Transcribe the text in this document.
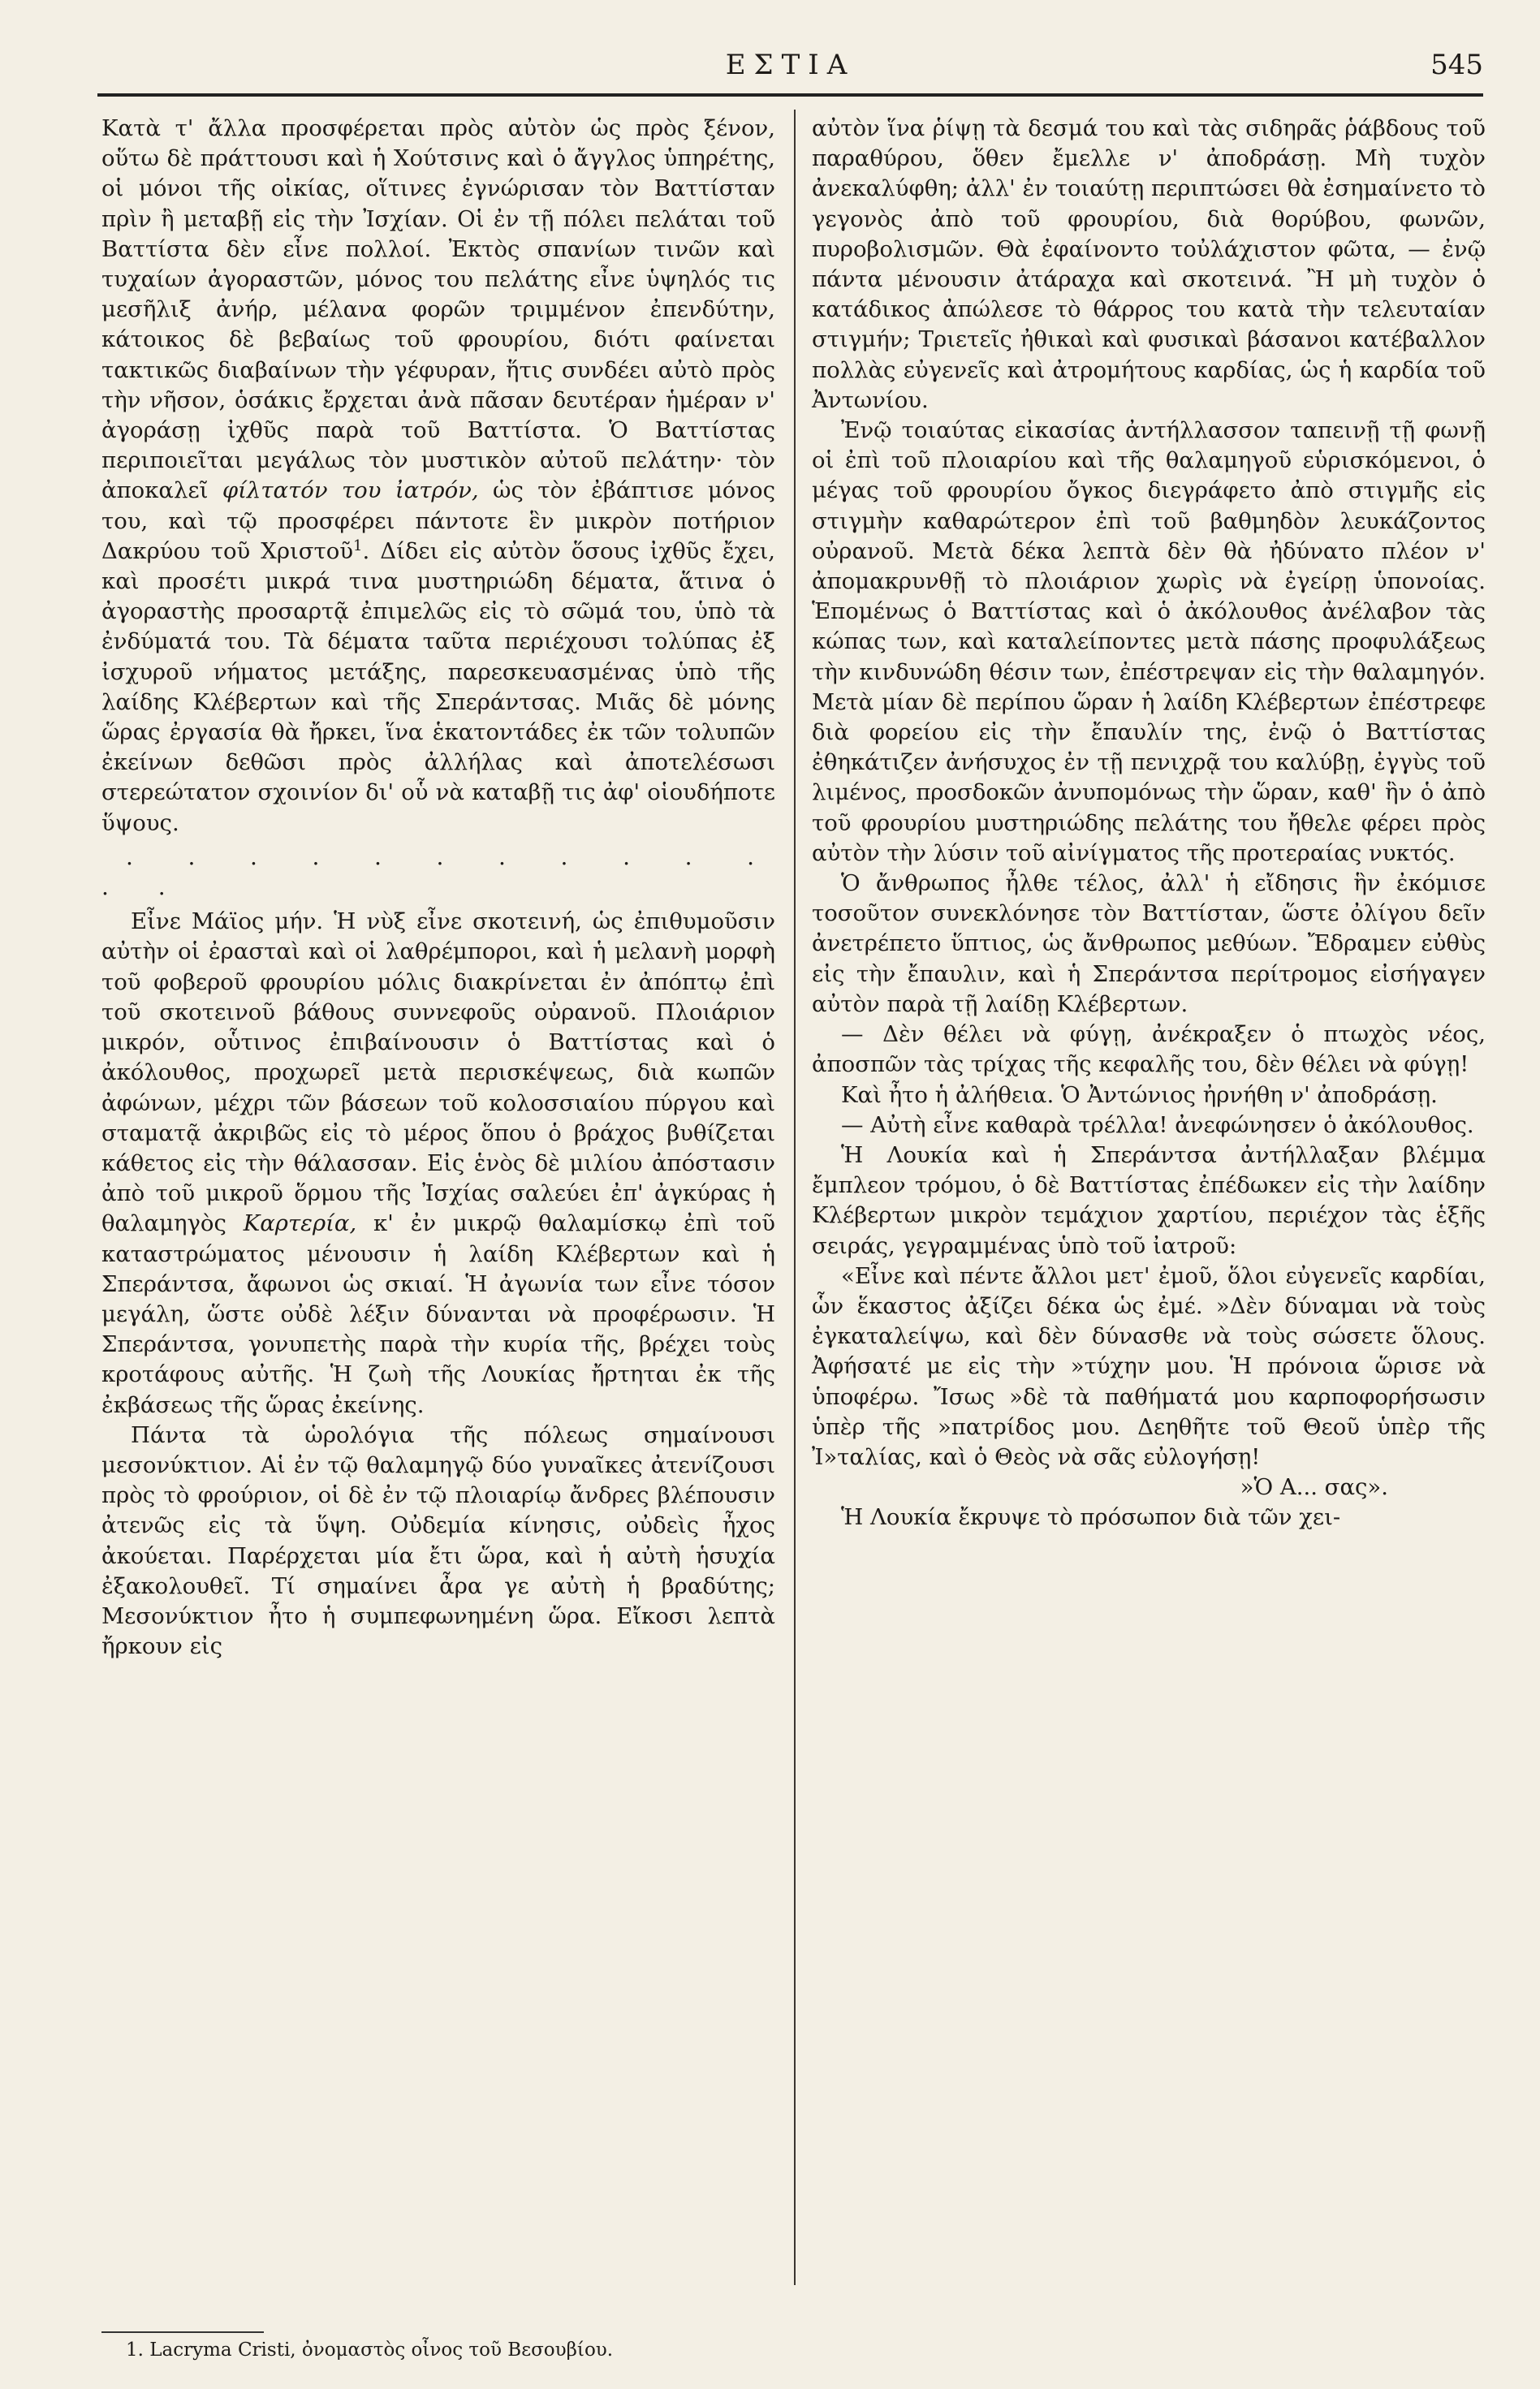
ΕΣΤΙΑ	545

Κατὰ τ' ἄλλα προσφέρεται πρὸς αὐτὸν ὡς πρὸς ξένον, οὕτω δὲ πράττουσι καὶ ἡ Χούτσινς καὶ ὁ ἄγγλος ὑπηρέτης, οἱ μόνοι τῆς οἰκίας, οἵτινες ἐγνώρισαν τὸν Βαττίσταν πρὶν ἢ μεταβῇ εἰς τὴν Ἰσχίαν. Οἱ ἐν τῇ πόλει πελάται τοῦ Βαττίστα δὲν εἶνε πολλοί. Ἐκτὸς σπανίων τινῶν καὶ τυχαίων ἀγοραστῶν, μόνος του πελάτης εἶνε ὑψηλός τις μεσῆλιξ ἀνήρ, μέλανα φορῶν τριμμένον ἐπενδύτην, κάτοικος δὲ βεβαίως τοῦ φρουρίου, διότι φαίνεται τακτικῶς διαβαίνων τὴν γέφυραν, ἥτις συνδέει αὐτὸ πρὸς τὴν νῆσον, ὁσάκις ἔρχεται ἀνὰ πᾶσαν δευτέραν ἡμέραν ν' ἀγοράσῃ ἰχθῦς παρὰ τοῦ Βαττίστα. Ὁ Βαττίστας περιποιεῖται μεγάλως τὸν μυστικὸν αὐτοῦ πελάτην· τὸν ἀποκαλεῖ φίλτατόν του ἰατρόν, ὡς τὸν ἐβάπτισε μόνος του, καὶ τῷ προσφέρει πάντοτε ἓν μικρὸν ποτήριον Δακρύου τοῦ Χριστοῦ$^1$. Δίδει εἰς αὐτὸν ὅσους ἰχθῦς ἔχει, καὶ προσέτι μικρά τινα μυστηριώδη δέματα, ἅτινα ὁ ἀγοραστὴς προσαρτᾷ ἐπιμελῶς εἰς τὸ σῶμά του, ὑπὸ τὰ ἐνδύματά του. Τὰ δέματα ταῦτα περιέχουσι τολύπας ἐξ ἰσχυροῦ νήματος μετάξης, παρεσκευασμένας ὑπὸ τῆς λαίδης Κλέβερτων καὶ τῆς Σπεράντσας. Μιᾶς δὲ μόνης ὥρας ἐργασία θὰ ἤρκει, ἵνα ἑκατοντάδες ἐκ τῶν τολυπῶν ἐκείνων δεθῶσι πρὸς ἀλλήλας καὶ ἀποτελέσωσι στερεώτατον σχοινίον δι' οὗ νὰ καταβῇ τις ἀφ' οἱουδήποτε ὕψους.

. . . . . . . . . . . . .

Εἶνε Μάϊος μήν. Ἡ νὺξ εἶνε σκοτεινή, ὡς ἐπιθυμοῦσιν αὐτὴν οἱ ἐρασταὶ καὶ οἱ λαθρέμποροι, καὶ ἡ μελανὴ μορφὴ τοῦ φοβεροῦ φρουρίου μόλις διακρίνεται ἐν ἀπόπτῳ ἐπὶ τοῦ σκοτεινοῦ βάθους συννεφοῦς οὐρανοῦ. Πλοιάριον μικρόν, οὗτινος ἐπιβαίνουσιν ὁ Βαττίστας καὶ ὁ ἀκόλουθος, προχωρεῖ μετὰ περισκέψεως, διὰ κωπῶν ἀφώνων, μέχρι τῶν βάσεων τοῦ κολοσσιαίου πύργου καὶ σταματᾷ ἀκριβῶς εἰς τὸ μέρος ὅπου ὁ βράχος βυθίζεται κάθετος εἰς τὴν θάλασσαν. Εἰς ἑνὸς δὲ μιλίου ἀπόστασιν ἀπὸ τοῦ μικροῦ ὅρμου τῆς Ἰσχίας σαλεύει ἐπ' ἀγκύρας ἡ θαλαμηγὸς Καρτερία, κ' ἐν μικρῷ θαλαμίσκῳ ἐπὶ τοῦ καταστρώματος μένουσιν ἡ λαίδη Κλέβερτων καὶ ἡ Σπεράντσα, ἄφωνοι ὡς σκιαί. Ἡ ἀγωνία των εἶνε τόσον μεγάλη, ὥστε οὐδὲ λέξιν δύνανται νὰ προφέρωσιν. Ἡ Σπεράντσα, γονυπετὴς παρὰ τὴν κυρία τῆς, βρέχει τοὺς κροτάφους αὐτῆς. Ἡ ζωὴ τῆς Λουκίας ἤρτηται ἐκ τῆς ἐκβάσεως τῆς ὥρας ἐκείνης.

Πάντα τὰ ὡρολόγια τῆς πόλεως σημαίνουσι μεσονύκτιον. Αἱ ἐν τῷ θαλαμηγῷ δύο γυναῖκες ἀτενίζουσι πρὸς τὸ φρούριον, οἱ δὲ ἐν τῷ πλοιαρίῳ ἄνδρες βλέπουσιν ἀτενῶς εἰς τὰ ὕψη. Οὐδεμία κίνησις, οὐδεὶς ἦχος ἀκούεται. Παρέρχεται μία ἔτι ὥρα, καὶ ἡ αὐτὴ ἡσυχία ἐξακολουθεῖ. Τί σημαίνει ἆρα γε αὐτὴ ἡ βραδύτης; Μεσονύκτιον ἦτο ἡ συμπεφωνημένη ὥρα. Εἴκοσι λεπτὰ ἤρκουν εἰς

αὐτὸν ἵνα ῥίψῃ τὰ δεσμά του καὶ τὰς σιδηρᾶς ῥάβδους τοῦ παραθύρου, ὅθεν ἔμελλε ν' ἀποδράσῃ. Μὴ τυχὸν ἀνεκαλύφθη; ἀλλ' ἐν τοιαύτῃ περιπτώσει θὰ ἐσημαίνετο τὸ γεγονὸς ἀπὸ τοῦ φρουρίου, διὰ θορύβου, φωνῶν, πυροβολισμῶν. Θὰ ἐφαίνοντο τοὐλάχιστον φῶτα, — ἐνῷ πάντα μένουσιν ἀτάραχα καὶ σκοτεινά. Ἢ μὴ τυχὸν ὁ κατάδικος ἀπώλεσε τὸ θάρρος του κατὰ τὴν τελευταίαν στιγμήν; Τριετεῖς ἠθικαὶ καὶ φυσικαὶ βάσανοι κατέβαλλον πολλὰς εὐγενεῖς καὶ ἀτρομήτους καρδίας, ὡς ἡ καρδία τοῦ Ἀντωνίου.

Ἐνῷ τοιαύτας εἰκασίας ἀντήλλασσον ταπεινῇ τῇ φωνῇ οἱ ἐπὶ τοῦ πλοιαρίου καὶ τῆς θαλαμηγοῦ εὑρισκόμενοι, ὁ μέγας τοῦ φρουρίου ὄγκος διεγράφετο ἀπὸ στιγμῆς εἰς στιγμὴν καθαρώτερον ἐπὶ τοῦ βαθμηδὸν λευκάζοντος οὐρανοῦ. Μετὰ δέκα λεπτὰ δὲν θὰ ἠδύνατο πλέον ν' ἀπομακρυνθῇ τὸ πλοιάριον χωρὶς νὰ ἐγείρῃ ὑπονοίας. Ἑπομένως ὁ Βαττίστας καὶ ὁ ἀκόλουθος ἀνέλαβον τὰς κώπας των, καὶ καταλείποντες μετὰ πάσης προφυλάξεως τὴν κινδυνώδη θέσιν των, ἐπέστρεψαν εἰς τὴν θαλαμηγόν. Μετὰ μίαν δὲ περίπου ὥραν ἡ λαίδη Κλέβερτων ἐπέστρεφε διὰ φορείου εἰς τὴν ἔπαυλίν της, ἐνῷ ὁ Βαττίστας ἐθηκάτιζεν ἀνήσυχος ἐν τῇ πενιχρᾷ του καλύβῃ, ἐγγὺς τοῦ λιμένος, προσδοκῶν ἀνυπομόνως τὴν ὥραν, καθ' ἣν ὁ ἀπὸ τοῦ φρουρίου μυστηριώδης πελάτης του ἤθελε φέρει πρὸς αὐτὸν τὴν λύσιν τοῦ αἰνίγματος τῆς προτεραίας νυκτός.

Ὁ ἄνθρωπος ἦλθε τέλος, ἀλλ' ἡ εἴδησις ἣν ἐκόμισε τοσοῦτον συνεκλόνησε τὸν Βαττίσταν, ὥστε ὀλίγου δεῖν ἀνετρέπετο ὕπτιος, ὡς ἄνθρωπος μεθύων. Ἔδραμεν εὐθὺς εἰς τὴν ἔπαυλιν, καὶ ἡ Σπεράντσα περίτρομος εἰσήγαγεν αὐτὸν παρὰ τῇ λαίδῃ Κλέβερτων.

— Δὲν θέλει νὰ φύγῃ, ἀνέκραξεν ὁ πτωχὸς νέος, ἀποσπῶν τὰς τρίχας τῆς κεφαλῆς του, δὲν θέλει νὰ φύγῃ!

Καὶ ἦτο ἡ ἀλήθεια. Ὁ Ἀντώνιος ἠρνήθη ν' ἀποδράσῃ.

— Αὐτὴ εἶνε καθαρὰ τρέλλα! ἀνεφώνησεν ὁ ἀκόλουθος.

Ἡ Λουκία καὶ ἡ Σπεράντσα ἀντήλλαξαν βλέμμα ἔμπλεον τρόμου, ὁ δὲ Βαττίστας ἐπέδωκεν εἰς τὴν λαίδην Κλέβερτων μικρὸν τεμάχιον χαρτίου, περιέχον τὰς ἑξῆς σειράς, γεγραμμένας ὑπὸ τοῦ ἰατροῦ:

«Εἶνε καὶ πέντε ἄλλοι μετ' ἐμοῦ, ὅλοι εὐγενεῖς καρδίαι, ὧν ἕκαστος ἀξίζει δέκα ὡς ἐμέ. »Δὲν δύναμαι νὰ τοὺς ἐγκαταλείψω, καὶ δὲν δύνασθε νὰ τοὺς σώσετε ὅλους. Ἀφήσατέ με εἰς τὴν »τύχην μου. Ἡ πρόνοια ὥρισε νὰ ὑποφέρω. Ἴσως »δὲ τὰ παθήματά μου καρποφορήσωσιν ὑπὲρ τῆς »πατρίδος μου. Δεηθῆτε τοῦ Θεοῦ ὑπὲρ τῆς Ἰ»ταλίας, καὶ ὁ Θεὸς νὰ σᾶς εὐλογήσῃ!

»Ὁ Α... σας».

Ἡ Λουκία ἔκρυψε τὸ πρόσωπον διὰ τῶν χει-

1. Lacryma Cristi, ὀνομαστὸς οἶνος τοῦ Βεσουβίου.
